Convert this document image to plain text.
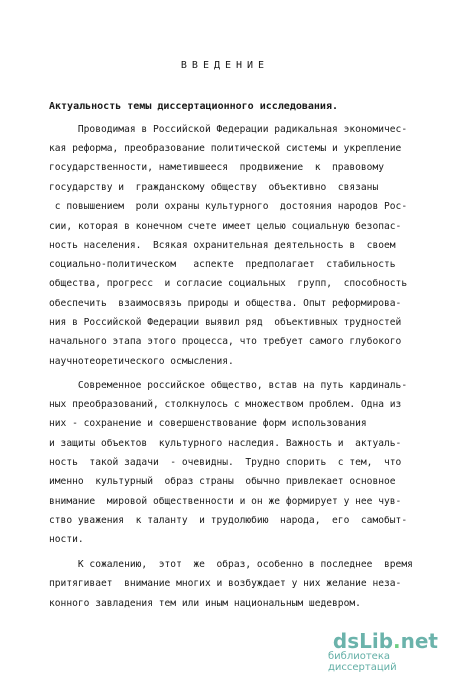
ВВЕДЕНИЕ
Актуальность темы диссертационного исследования.
Проводимая в Российской Федерации радикальная экономичес-
кая реформа, преобразование политической системы и укрепление
государственности, наметившееся  продвижение  к  правовому
государству и  гражданскому обществу  объективно  связаны
с повышением  роли охраны культурного  достояния народов Рос-
сии, которая в конечном счете имеет целью социальную безопас-
ность населения.  Всякая охранительная деятельность в  своем
социально-политическом   аспекте  предполагает  стабильность
общества, прогресс  и согласие социальных  групп,  способность
обеспечить  взаимосвязь природы и общества. Опыт реформирова-
ния в Российской Федерации выявил ряд  объективных трудностей
начального этапа этого процесса, что требует самого глубокого
научнотеоретического осмысления.
Современное российское общество, встав на путь кардиналь-
ных преобразований, столкнулось с множеством проблем. Одна из
них - сохранение и совершенствование форм использования
и защиты объектов  культурного наследия. Важность и  актуаль-
ность  такой задачи  - очевидны.  Трудно спорить  с тем,  что
именно  культурный  образ страны  обычно привлекает основное
внимание  мировой общественности и он же формирует у нее чув-
ство уважения  к таланту  и трудолюбию  народа,  его  самобыт-
ности.
К сожалению,  этот  же  образ, особенно в последнее  время
притягивает  внимание многих и возбуждает у них желание неза-
конного завладения тем или иным национальным шедевром.
dsLib.net
библиотека диссертаций
